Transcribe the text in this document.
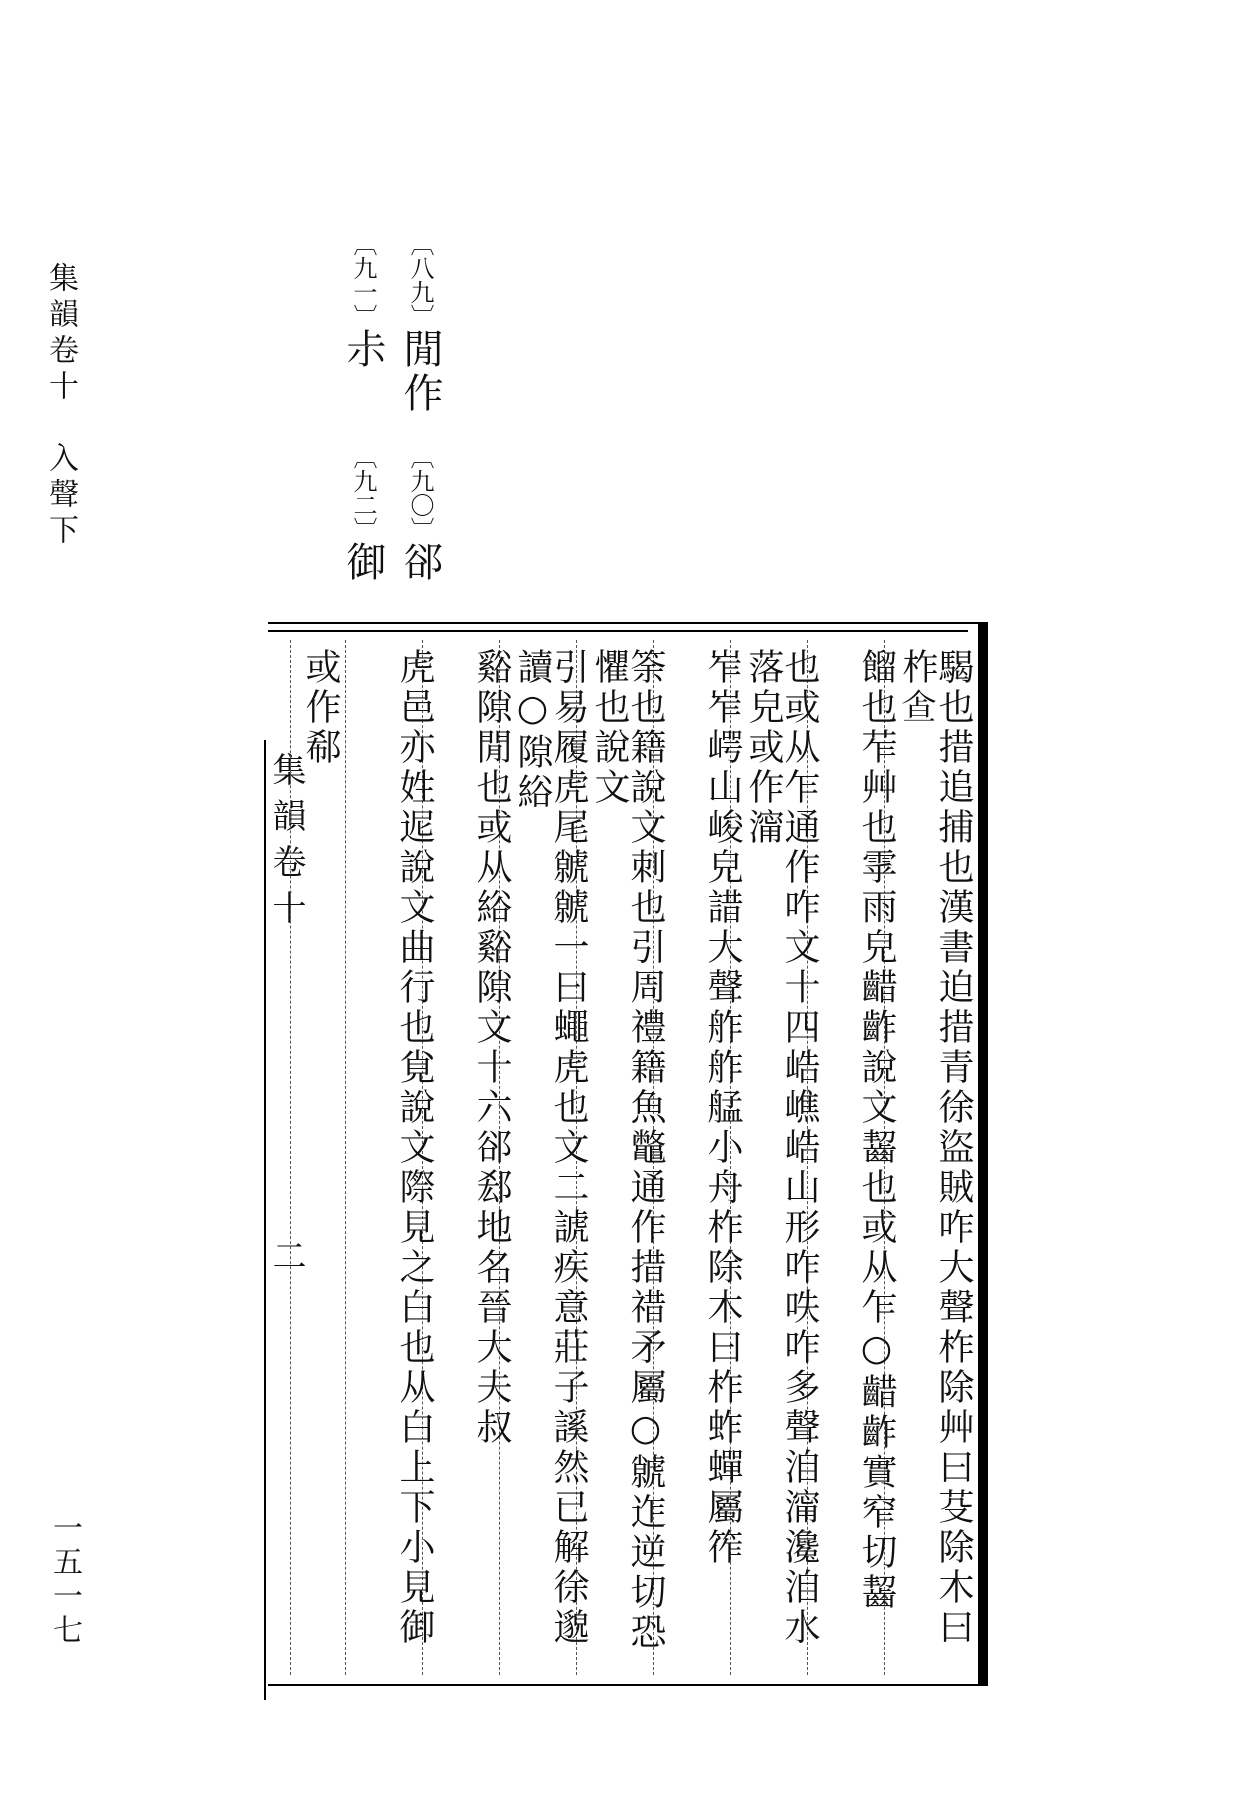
集韻卷十　入聲下
一五一七
〔八九〕閒作
〔九〇〕郤
〔九一〕尗
〔九二〕御
集韻卷十
二	騔也措追捕也漢書迫措青徐盜賊咋大聲柞除艸曰芟除木曰柞𩚃
餾也苲艸也雽雨皃齰齚說文齧也或从乍○齰齚實窄切齧
也或从乍通作咋文十四峼嶕峼山形咋呹咋多聲洎澝瀺洎水落皃或作澝
岝岝崿山峻皃諎大聲舴舴艋小舟柞除木曰柞蚱蟬屬筰
筡也籍說文刺也引周禮籍魚鼈通作措䄍矛屬○虩迮逆切恐懼也說文
引易履虎尾虩虩一曰蠅虎也文二諕疾意莊子謑然已解徐邈讀○隙綌
谿隙閒也或从綌谿隙文十六郤郄地名晉大夫叔
虎邑亦姓迡說文曲行也覍說文際見之白也从白上下小見御
或作郗
